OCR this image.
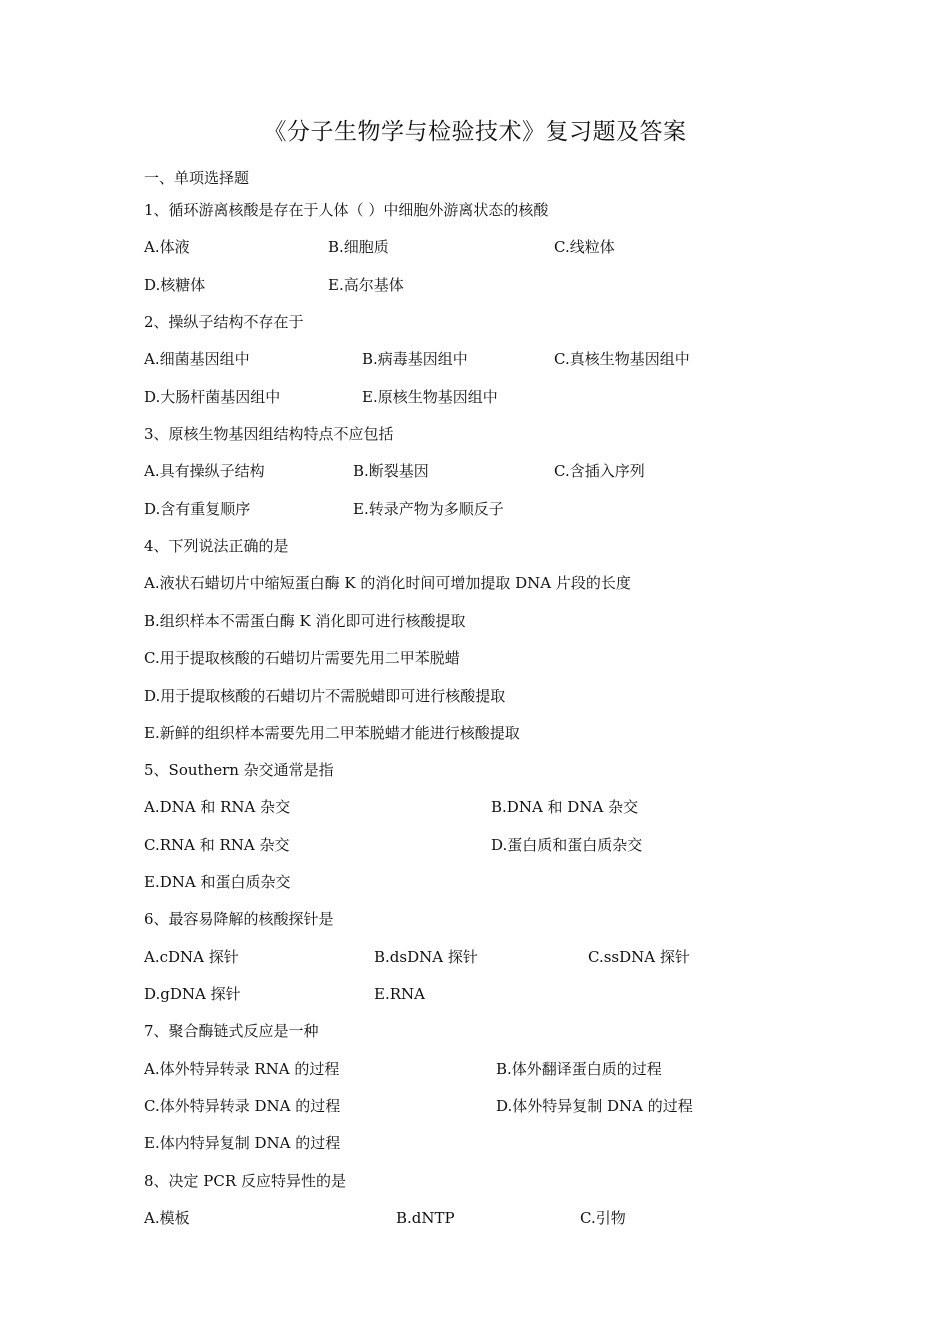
《分子生物学与检验技术》复习题及答案
一、单项选择题
1、循环游离核酸是存在于人体（ ）中细胞外游离状态的核酸
A.体液	B.细胞质	C.线粒体
D.核糖体	E.高尔基体
2、操纵子结构不存在于
A.细菌基因组中	B.病毒基因组中	C.真核生物基因组中
D.大肠杆菌基因组中	E.原核生物基因组中
3、原核生物基因组结构特点不应包括
A.具有操纵子结构	B.断裂基因	C.含插入序列
D.含有重复顺序	E.转录产物为多顺反子
4、下列说法正确的是
A.液状石蜡切片中缩短蛋白酶 K 的消化时间可增加提取 DNA 片段的长度
B.组织样本不需蛋白酶 K 消化即可进行核酸提取
C.用于提取核酸的石蜡切片需要先用二甲苯脱蜡
D.用于提取核酸的石蜡切片不需脱蜡即可进行核酸提取
E.新鲜的组织样本需要先用二甲苯脱蜡才能进行核酸提取
5、Southern 杂交通常是指
A.DNA 和 RNA 杂交	B.DNA 和 DNA 杂交
C.RNA 和 RNA 杂交	D.蛋白质和蛋白质杂交
E.DNA 和蛋白质杂交
6、最容易降解的核酸探针是
A.cDNA 探针	B.dsDNA 探针	C.ssDNA 探针
D.gDNA 探针	E.RNA
7、聚合酶链式反应是一种
A.体外特异转录 RNA 的过程	B.体外翻译蛋白质的过程
C.体外特异转录 DNA 的过程	D.体外特异复制 DNA 的过程
E.体内特异复制 DNA 的过程
8、决定 PCR 反应特异性的是
A.模板	B.dNTP	C.引物
